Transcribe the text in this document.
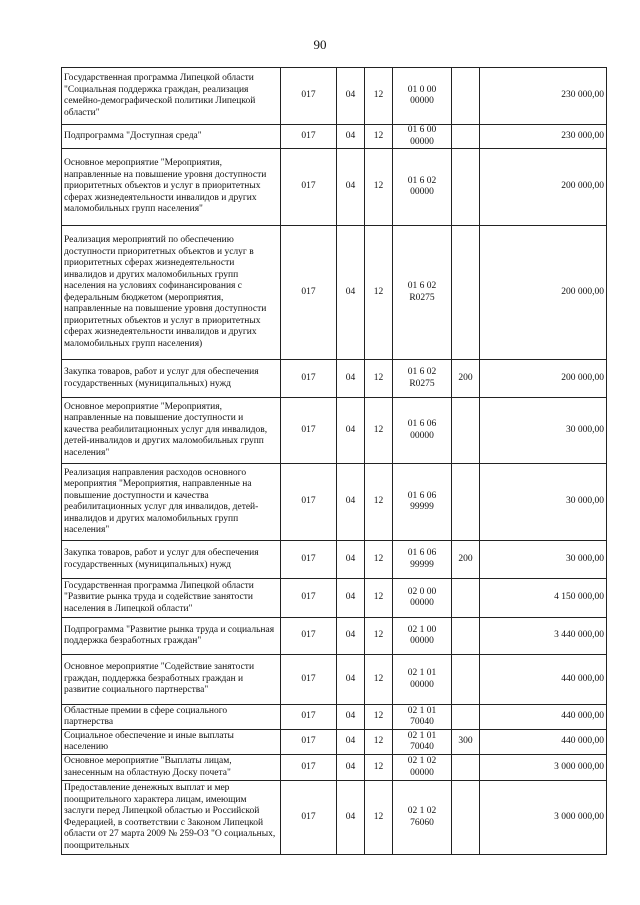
90
Государственная программа Липецкой области "Социальная поддержка граждан, реализация семейно-демографической политики Липецкой области"	017	04	12	01 0 00 00000		230 000,00
Подпрограмма "Доступная среда"	017	04	12	01 6 00 00000		230 000,00
Основное мероприятие "Мероприятия, направленные на повышение уровня доступности приоритетных объектов и услуг в приоритетных сферах жизнедеятельности инвалидов и других маломобильных групп населения"	017	04	12	01 6 02 00000		200 000,00
Реализация мероприятий по обеспечению доступности приоритетных объектов и услуг в приоритетных сферах жизнедеятельности инвалидов и других маломобильных групп населения на условиях софинансирования с федеральным бюджетом (мероприятия, направленные на повышение уровня доступности приоритетных объектов и услуг в приоритетных сферах жизнедеятельности инвалидов и других маломобильных групп населения)	017	04	12	01 6 02 R0275		200 000,00
Закупка товаров, работ и услуг для обеспечения государственных (муниципальных) нужд	017	04	12	01 6 02 R0275	200	200 000,00
Основное мероприятие "Мероприятия, направленные на повышение доступности и качества реабилитационных услуг для инвалидов, детей-инвалидов и других маломобильных групп населения"	017	04	12	01 6 06 00000		30 000,00
Реализация направления расходов основного мероприятия "Мероприятия, направленные на повышение доступности и качества реабилитационных услуг для инвалидов, детей-инвалидов и других маломобильных групп населения"	017	04	12	01 6 06 99999		30 000,00
Закупка товаров, работ и услуг для обеспечения государственных (муниципальных) нужд	017	04	12	01 6 06 99999	200	30 000,00
Государственная программа Липецкой области "Развитие рынка труда и содействие занятости населения в Липецкой области"	017	04	12	02 0 00 00000		4 150 000,00
Подпрограмма "Развитие рынка труда и социальная поддержка безработных граждан"	017	04	12	02 1 00 00000		3 440 000,00
Основное мероприятие "Содействие занятости граждан, поддержка безработных граждан и развитие социального партнерства"	017	04	12	02 1 01 00000		440 000,00
Областные премии в сфере социального партнерства	017	04	12	02 1 01 70040		440 000,00
Социальное обеспечение и иные выплаты населению	017	04	12	02 1 01 70040	300	440 000,00
Основное мероприятие "Выплаты лицам, занесенным на областную Доску почета"	017	04	12	02 1 02 00000		3 000 000,00
Предоставление денежных выплат и мер поощрительного характера лицам, имеющим заслуги перед Липецкой областью и Российской Федерацией, в соответствии с Законом Липецкой области от 27 марта 2009 № 259-ОЗ "О социальных, поощрительных	017	04	12	02 1 02 76060		3 000 000,00
